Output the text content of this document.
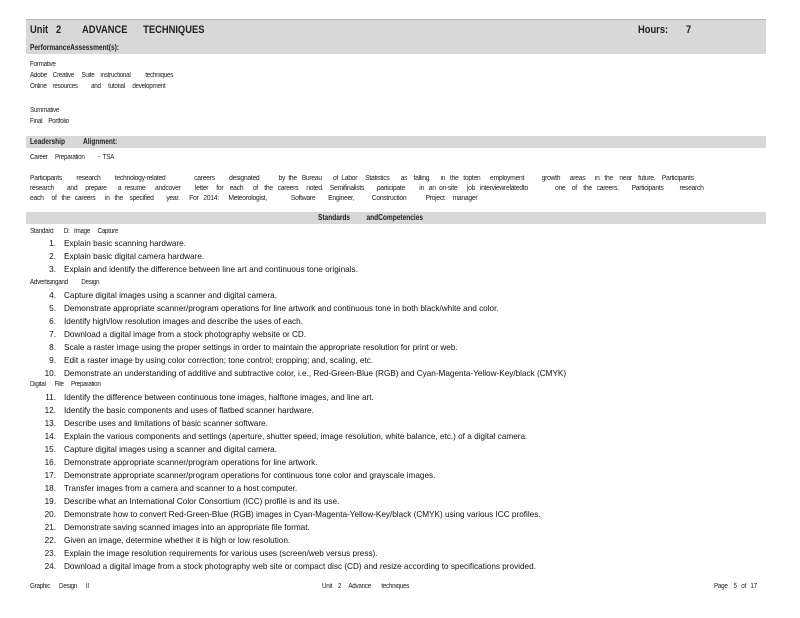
Unit 2 ADVANCE      TECHNIQUES	Hours: 7
PerformanceAssessment(s):
Formative
Adobe    Creative     Suite    instructional          techniques
Online    resources         and     tutorial     development
Summative
Final    Portfolio
Leadership          Alignment:
Career     Preparation         -  TSA
Participants         research         technology-related                  careers         designated            by  the   Bureau       of  Labor     Statistics       as    falling       in   the   topten      employment           growth      areas      in   the    near    future.    Participants
research        and     prepare       a  resume      andcover         letter     for    each      of    the   careers     noted.    Semifinalists        participate         in   an  on-site      job   interviewrelatedto                 one    of    the   careers.        Participants          research
each     of   the   careers      in   the    specified        year.      For   2014:      Meteorologist,               Software        Engineer,           Construction            Project     manager
Standards         andCompetencies
Standard       D:   Image     Capture
1. Explain basic scanning hardware.
2. Explain basic digital camera hardware.
3. Explain and identify the difference between line art and continuous tone originals.
Advertisingand         Design
4. Capture digital images using a scanner and digital camera.
5. Demonstrate appropriate scanner/program operations for line artwork and continuous tone in both black/white and color.
6. Identify high/low resolution images and describe the uses of each.
7. Download a digital image from a stock photography website or CD.
8. Scale a raster image using the proper settings in order to maintain the appropriate resolution for print or web.
9. Edit a raster image by using color correction; tone control; cropping; and, scaling, etc.
10. Demonstrate an understanding of additive and subtractive color, i.e., Red-Green-Blue (RGB) and Cyan-Magenta-Yellow-Key/black (CMYK)
Digital      File     Preparation
11. Identify the difference between continuous tone images, halftone images, and line art.
12. Identify the basic components and uses of flatbed scanner hardware.
13. Describe uses and limitations of basic scanner software.
14. Explain the various components and settings (aperture, shutter speed, image resolution, white balance, etc.) of a digital camera.
15. Capture digital images using a scanner and digital camera.
16. Demonstrate appropriate scanner/program operations for line artwork.
17. Demonstrate appropriate scanner/program operations for continuous tone color and grayscale images.
18. Transfer images from a camera and scanner to a host computer.
19. Describe what an International Color Consortium (ICC) profile is and its use.
20. Demonstrate how to convert Red-Green-Blue (RGB) images in Cyan-Magenta-Yellow-Key/black (CMYK) using various ICC profiles.
21. Demonstrate saving scanned images into an appropriate file format.
22. Given an image, determine whether it is high or low resolution.
23. Explain the image resolution requirements for various uses (screen/web versus press).
24. Download a digital image from a stock photography web site or compact disc (CD) and resize according to specifications provided.
Graphic      Design      II	Unit    2     Advance       techniques	Page    5   of   17
